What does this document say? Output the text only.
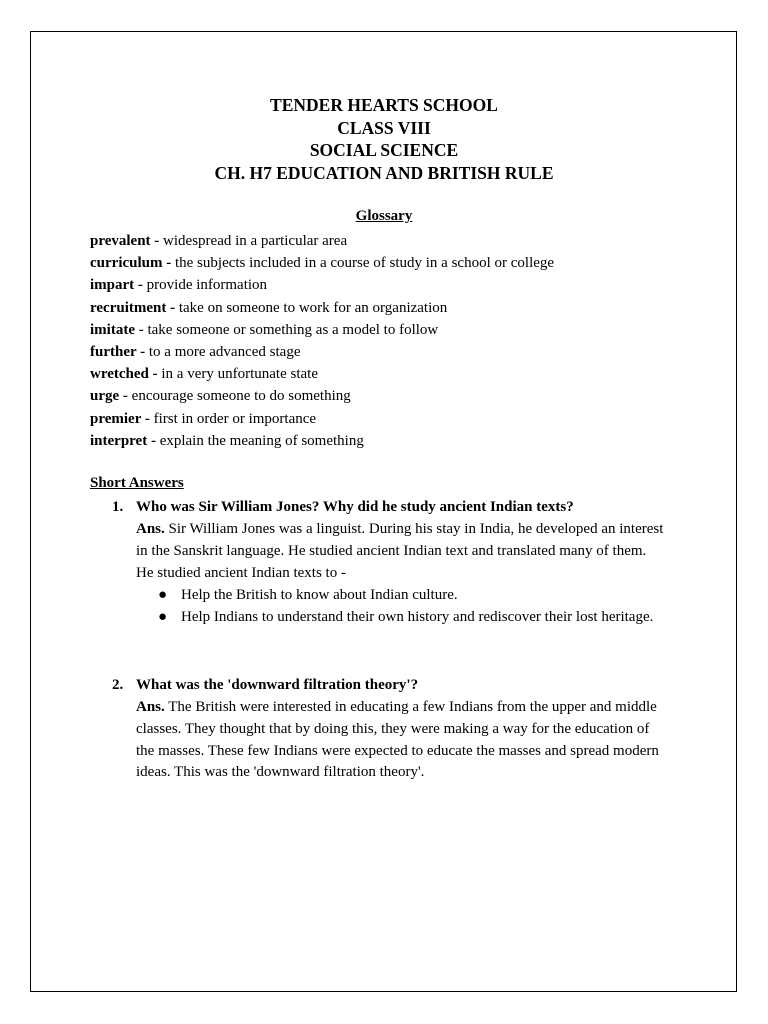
TENDER HEARTS SCHOOL
CLASS VIII
SOCIAL SCIENCE
CH. H7 EDUCATION AND BRITISH RULE
Glossary
prevalent - widespread in a particular area
curriculum - the subjects included in a course of study in a school or college
impart - provide information
recruitment - take on someone to work for an organization
imitate - take someone or something as a model to follow
further - to a more advanced stage
wretched - in a very unfortunate state
urge - encourage someone to do something
premier - first in order or importance
interpret - explain the meaning of something
Short Answers
1. Who was Sir William Jones? Why did he study ancient Indian texts?
Ans. Sir William Jones was a linguist. During his stay in India, he developed an interest in the Sanskrit language. He studied ancient Indian text and translated many of them. He studied ancient Indian texts to -
● Help the British to know about Indian culture.
● Help Indians to understand their own history and rediscover their lost heritage.
2. What was the 'downward filtration theory'?
Ans. The British were interested in educating a few Indians from the upper and middle classes. They thought that by doing this, they were making a way for the education of the masses. These few Indians were expected to educate the masses and spread modern ideas. This was the 'downward filtration theory'.
